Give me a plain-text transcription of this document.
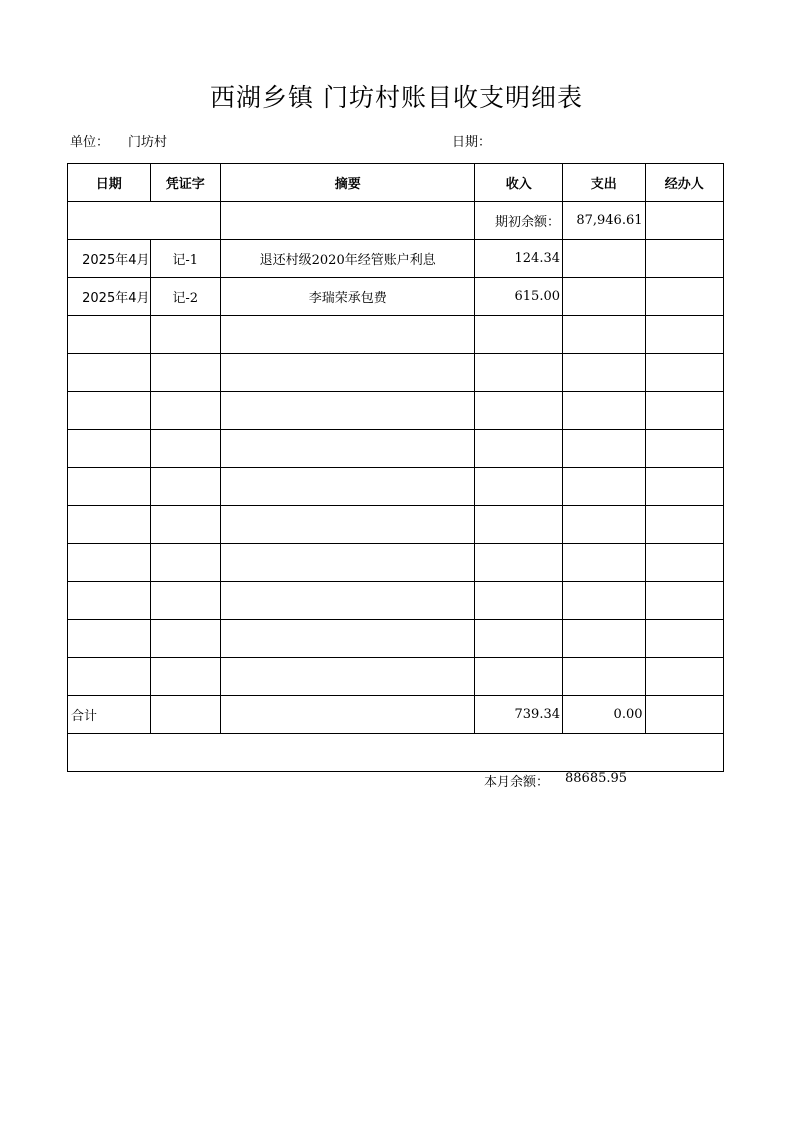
西湖乡镇 门坊村账目收支明细表
单位： 门坊村	日期：
日期	凭证字	摘要	收入	支出	经办人
			期初余额：	87,946.61	
2025年4月	记-1	退还村级2020年经管账户利息	124.34		
2025年4月	记-2	李瑞荣承包费	615.00		

合计			739.34	0.00	

本月余额： 88685.95					
